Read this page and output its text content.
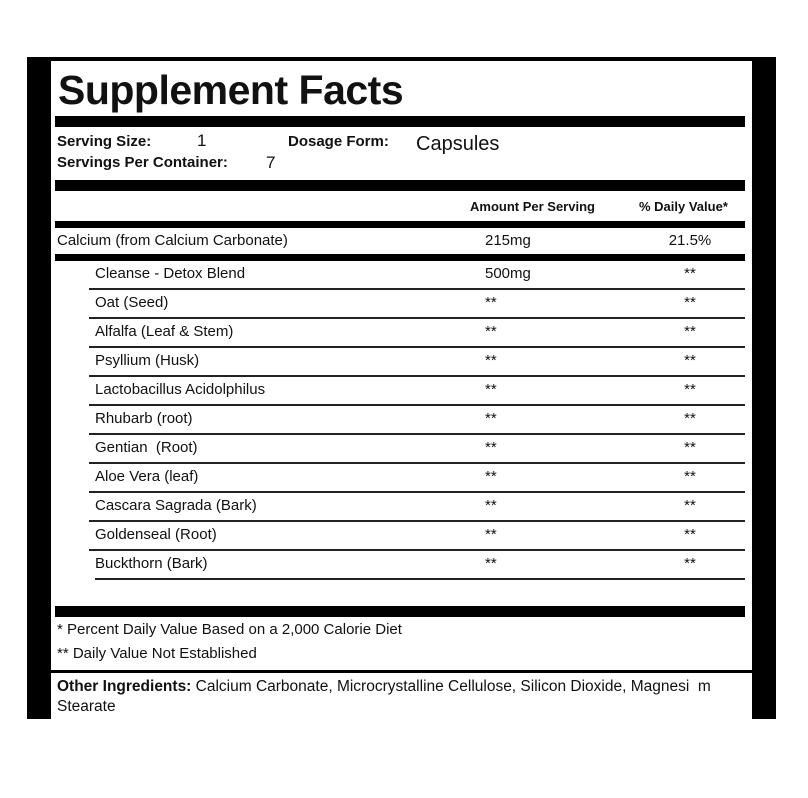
Supplement Facts
Serving Size:	1	Dosage Form: Capsules
Servings Per Container: 7
Amount Per Serving	% Daily Value*
Calcium (from Calcium Carbonate)	215mg	21.5%
Cleanse - Detox Blend	500mg	**
Oat (Seed)	**	**
Alfalfa (Leaf & Stem)	**	**
Psyllium (Husk)	**	**
Lactobacillus Acidolphilus	**	**
Rhubarb (root)	**	**
Gentian  (Root)	**	**
Aloe Vera (leaf)	**	**
Cascara Sagrada (Bark)	**	**
Goldenseal (Root)	**	**
Buckthorn (Bark)	**	**
* Percent Daily Value Based on a 2,000 Calorie Diet
** Daily Value Not Established
Other Ingredients: Calcium Carbonate, Microcrystalline Cellulose, Silicon Dioxide, Magnesi  m Stearate
